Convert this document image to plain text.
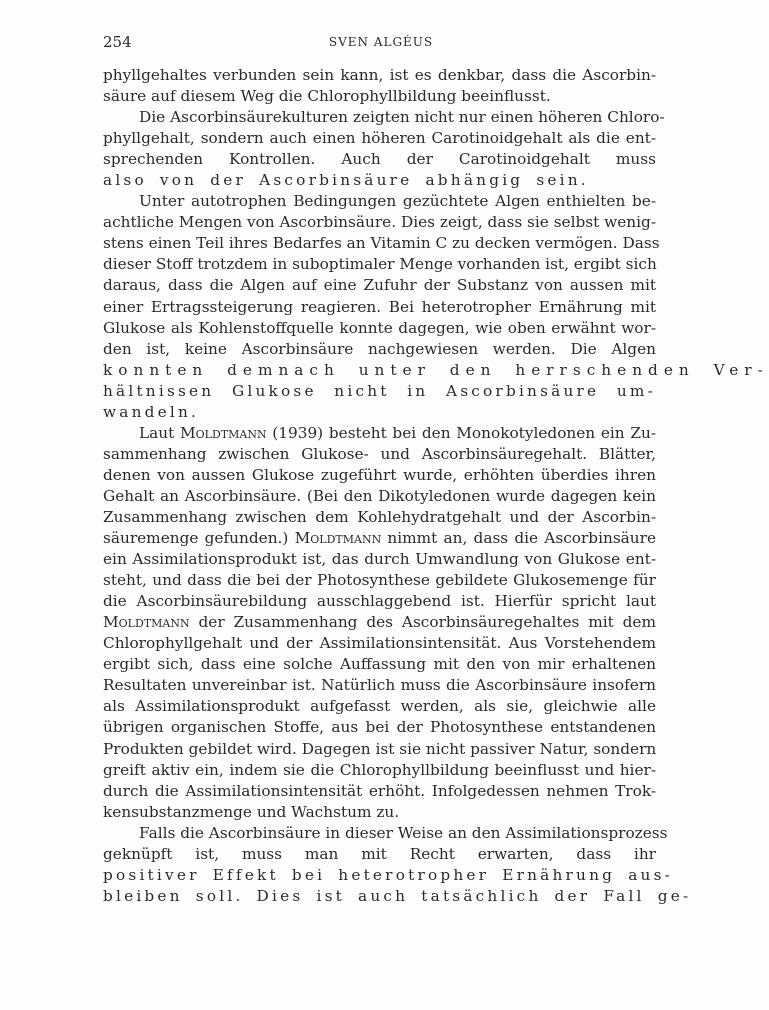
254	SVEN ALGÉUS
phyllgehaltes verbunden sein kann, ist es denkbar, dass die Ascorbin-
säure auf diesem Weg die Chlorophyllbildung beeinflusst.
Die Ascorbinsäurekulturen zeigten nicht nur einen höheren Chloro-
phyllgehalt, sondern auch einen höheren Carotinoidgehalt als die ent-
sprechenden Kontrollen. Auch der Carotinoidgehalt muss
also von der Ascorbinsäure abhängig sein.
Unter autotrophen Bedingungen gezüchtete Algen enthielten be-
achtliche Mengen von Ascorbinsäure. Dies zeigt, dass sie selbst wenig-
stens einen Teil ihres Bedarfes an Vitamin C zu decken vermögen. Dass
dieser Stoff trotzdem in suboptimaler Menge vorhanden ist, ergibt sich
daraus, dass die Algen auf eine Zufuhr der Substanz von aussen mit
einer Ertragssteigerung reagieren. Bei heterotropher Ernährung mit
Glukose als Kohlenstoffquelle konnte dagegen, wie oben erwähnt wor-
den ist, keine Ascorbinsäure nachgewiesen werden. Die Algen
konnten demnach unter den herrschenden Ver-
hältnissen Glukose nicht in Ascorbinsäure um-
wandeln.
Laut Moldtmann (1939) besteht bei den Monokotyledonen ein Zu-
sammenhang zwischen Glukose- und Ascorbinsäuregehalt. Blätter,
denen von aussen Glukose zugeführt wurde, erhöhten überdies ihren
Gehalt an Ascorbinsäure. (Bei den Dikotyledonen wurde dagegen kein
Zusammenhang zwischen dem Kohlehydratgehalt und der Ascorbin-
säuremenge gefunden.) Moldtmann nimmt an, dass die Ascorbinsäure
ein Assimilationsprodukt ist, das durch Umwandlung von Glukose ent-
steht, und dass die bei der Photosynthese gebildete Glukosemenge für
die Ascorbinsäurebildung ausschlaggebend ist. Hierfür spricht laut
Moldtmann der Zusammenhang des Ascorbinsäuregehaltes mit dem
Chlorophyllgehalt und der Assimilationsintensität. Aus Vorstehendem
ergibt sich, dass eine solche Auffassung mit den von mir erhaltenen
Resultaten unvereinbar ist. Natürlich muss die Ascorbinsäure insofern
als Assimilationsprodukt aufgefasst werden, als sie, gleichwie alle
übrigen organischen Stoffe, aus bei der Photosynthese entstandenen
Produkten gebildet wird. Dagegen ist sie nicht passiver Natur, sondern
greift aktiv ein, indem sie die Chlorophyllbildung beeinflusst und hier-
durch die Assimilationsintensität erhöht. Infolgedessen nehmen Trok-
kensubstanzmenge und Wachstum zu.
Falls die Ascorbinsäure in dieser Weise an den Assimilationsprozess
geknüpft ist, muss man mit Recht erwarten, dass ihr
positiver Effekt bei heterotropher Ernährung aus-
bleiben soll. Dies ist auch tatsächlich der Fall ge-
